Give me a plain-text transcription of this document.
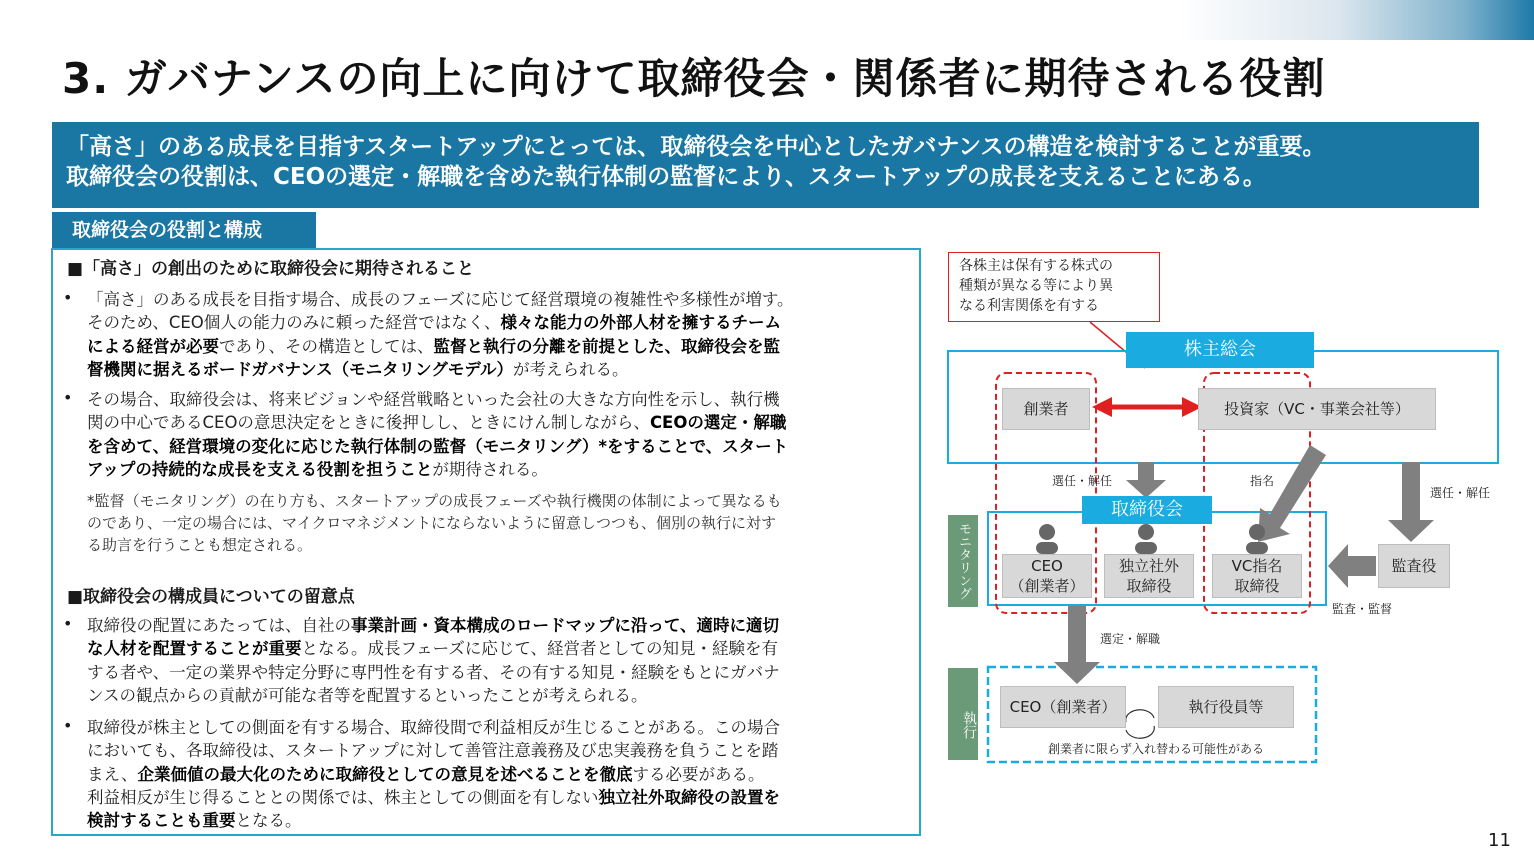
3. ガバナンスの向上に向けて取締役会・関係者に期待される役割
「高さ」のある成長を目指すスタートアップにとっては、取締役会を中心としたガバナンスの構造を検討することが重要。
取締役会の役割は、CEOの選定・解職を含めた執行体制の監督により、スタートアップの成長を支えることにある。
取締役会の役割と構成
■「高さ」の創出のために取締役会に期待されること
• 「高さ」のある成長を目指す場合、成長のフェーズに応じて経営環境の複雑性や多様性が増す。
そのため、CEO個人の能力のみに頼った経営ではなく、様々な能力の外部人材を擁するチーム
による経営が必要であり、その構造としては、監督と執行の分離を前提とした、取締役会を監
督機関に据えるボードガバナンス（モニタリングモデル）が考えられる。
• その場合、取締役会は、将来ビジョンや経営戦略といった会社の大きな方向性を示し、執行機
関の中心であるCEOの意思決定をときに後押しし、ときにけん制しながら、CEOの選定・解職
を含めて、経営環境の変化に応じた執行体制の監督（モニタリング）*をすることで、スタート
アップの持続的な成長を支える役割を担うことが期待される。
*監督（モニタリング）の在り方も、スタートアップの成長フェーズや執行機関の体制によって異なるも
のであり、一定の場合には、マイクロマネジメントにならないように留意しつつも、個別の執行に対す
る助言を行うことも想定される。
■取締役会の構成員についての留意点
• 取締役の配置にあたっては、自社の事業計画・資本構成のロードマップに沿って、適時に適切
な人材を配置することが重要となる。成長フェーズに応じて、経営者としての知見・経験を有
する者や、一定の業界や特定分野に専門性を有する者、その有する知見・経験をもとにガバナ
ンスの観点からの貢献が可能な者等を配置するといったことが考えられる。
• 取締役が株主としての側面を有する場合、取締役間で利益相反が生じることがある。この場合
においても、各取締役は、スタートアップに対して善管注意義務及び忠実義務を負うことを踏
まえ、企業価値の最大化のために取締役としての意見を述べることを徹底する必要がある。
利益相反が生じ得ることとの関係では、株主としての側面を有しない独立社外取締役の設置を
検討することも重要となる。
各株主は保有する株式の
種類が異なる等により異
なる利害関係を有する
株主総会
創業者	投資家（VC・事業会社等）
選任・解任	指名
選任・解任
取締役会
モニタリング	CEO
（創業者）
独立社外
取締役
VC指名
取締役
監査役
監査・監督
選定・解職
執行
CEO（創業者）	執行役員等
創業者に限らず入れ替わる可能性がある
11
